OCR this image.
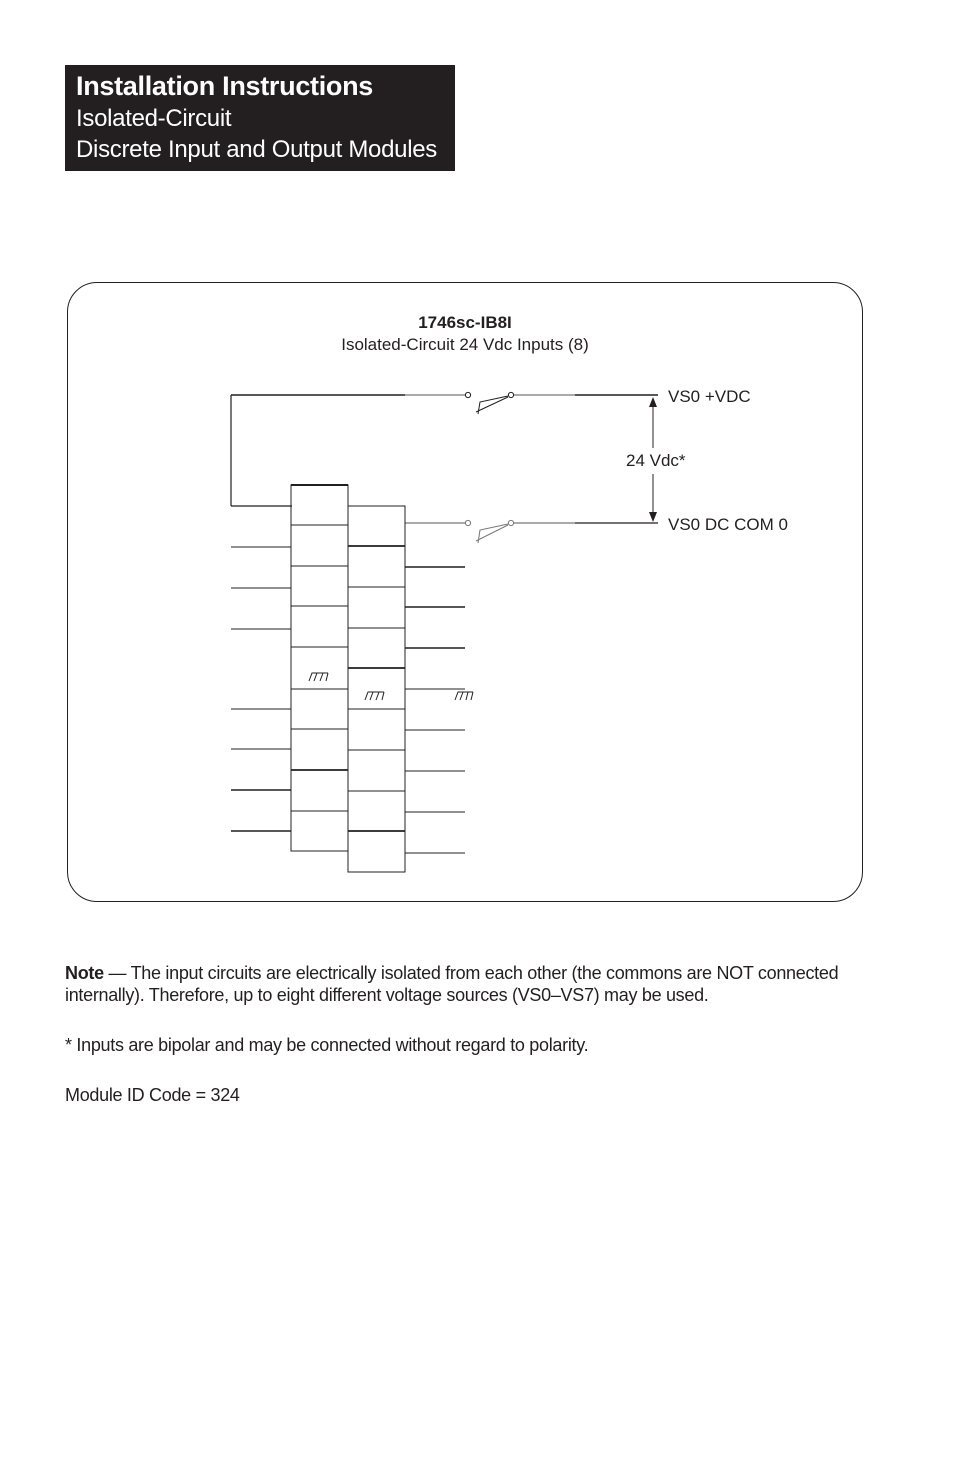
Installation Instructions
Isolated-Circuit
Discrete Input and Output Modules
1746sc-IB8I
Isolated-Circuit 24 Vdc Inputs (8)
24 Vdc*
VS0 +VDC
VS0 DC COM 0

Note — The input circuits are electrically isolated from each other (the commons are NOT connected internally). Therefore, up to eight different voltage sources (VS0–VS7) may be used.

* Inputs are bipolar and may be connected without regard to polarity.

Module ID Code = 324
